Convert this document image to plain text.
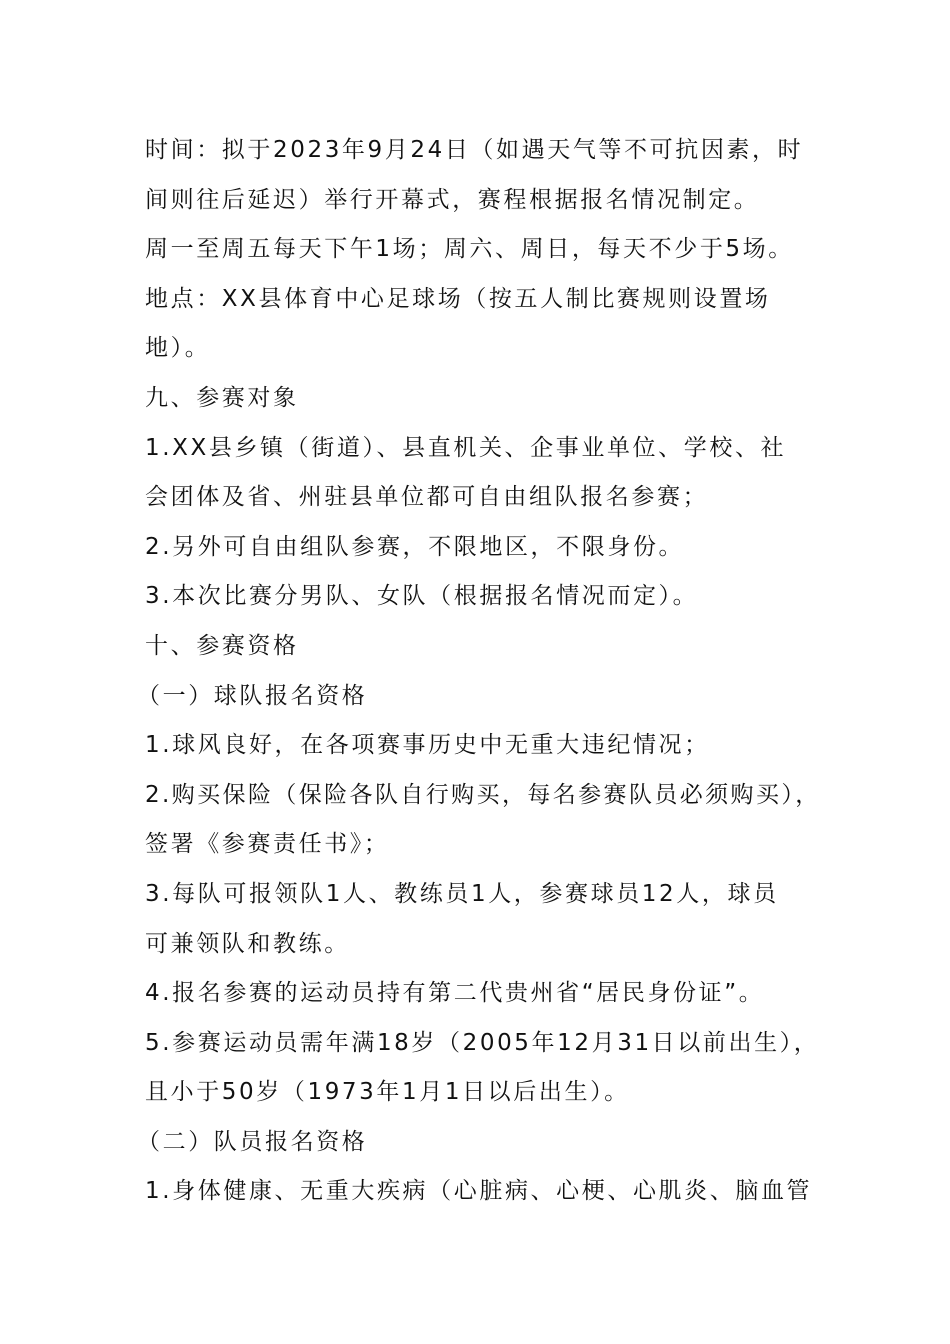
时间：拟于2023年9月24日（如遇天气等不可抗因素，时
间则往后延迟）举行开幕式，赛程根据报名情况制定。
周一至周五每天下午1场；周六、周日，每天不少于5场。
地点：XX县体育中心足球场（按五人制比赛规则设置场
地）。
九、参赛对象
1.XX县乡镇（街道）、县直机关、企事业单位、学校、社
会团体及省、州驻县单位都可自由组队报名参赛；
2.另外可自由组队参赛，不限地区，不限身份。
3.本次比赛分男队、女队（根据报名情况而定）。
十、参赛资格
（一）球队报名资格
1.球风良好，在各项赛事历史中无重大违纪情况；
2.购买保险（保险各队自行购买，每名参赛队员必须购买），
签署《参赛责任书》；
3.每队可报领队1人、教练员1人，参赛球员12人，球员
可兼领队和教练。
4.报名参赛的运动员持有第二代贵州省“居民身份证”。
5.参赛运动员需年满18岁（2005年12月31日以前出生），
且小于50岁（1973年1月1日以后出生）。
（二）队员报名资格
1.身体健康、无重大疾病（心脏病、心梗、心肌炎、脑血管
